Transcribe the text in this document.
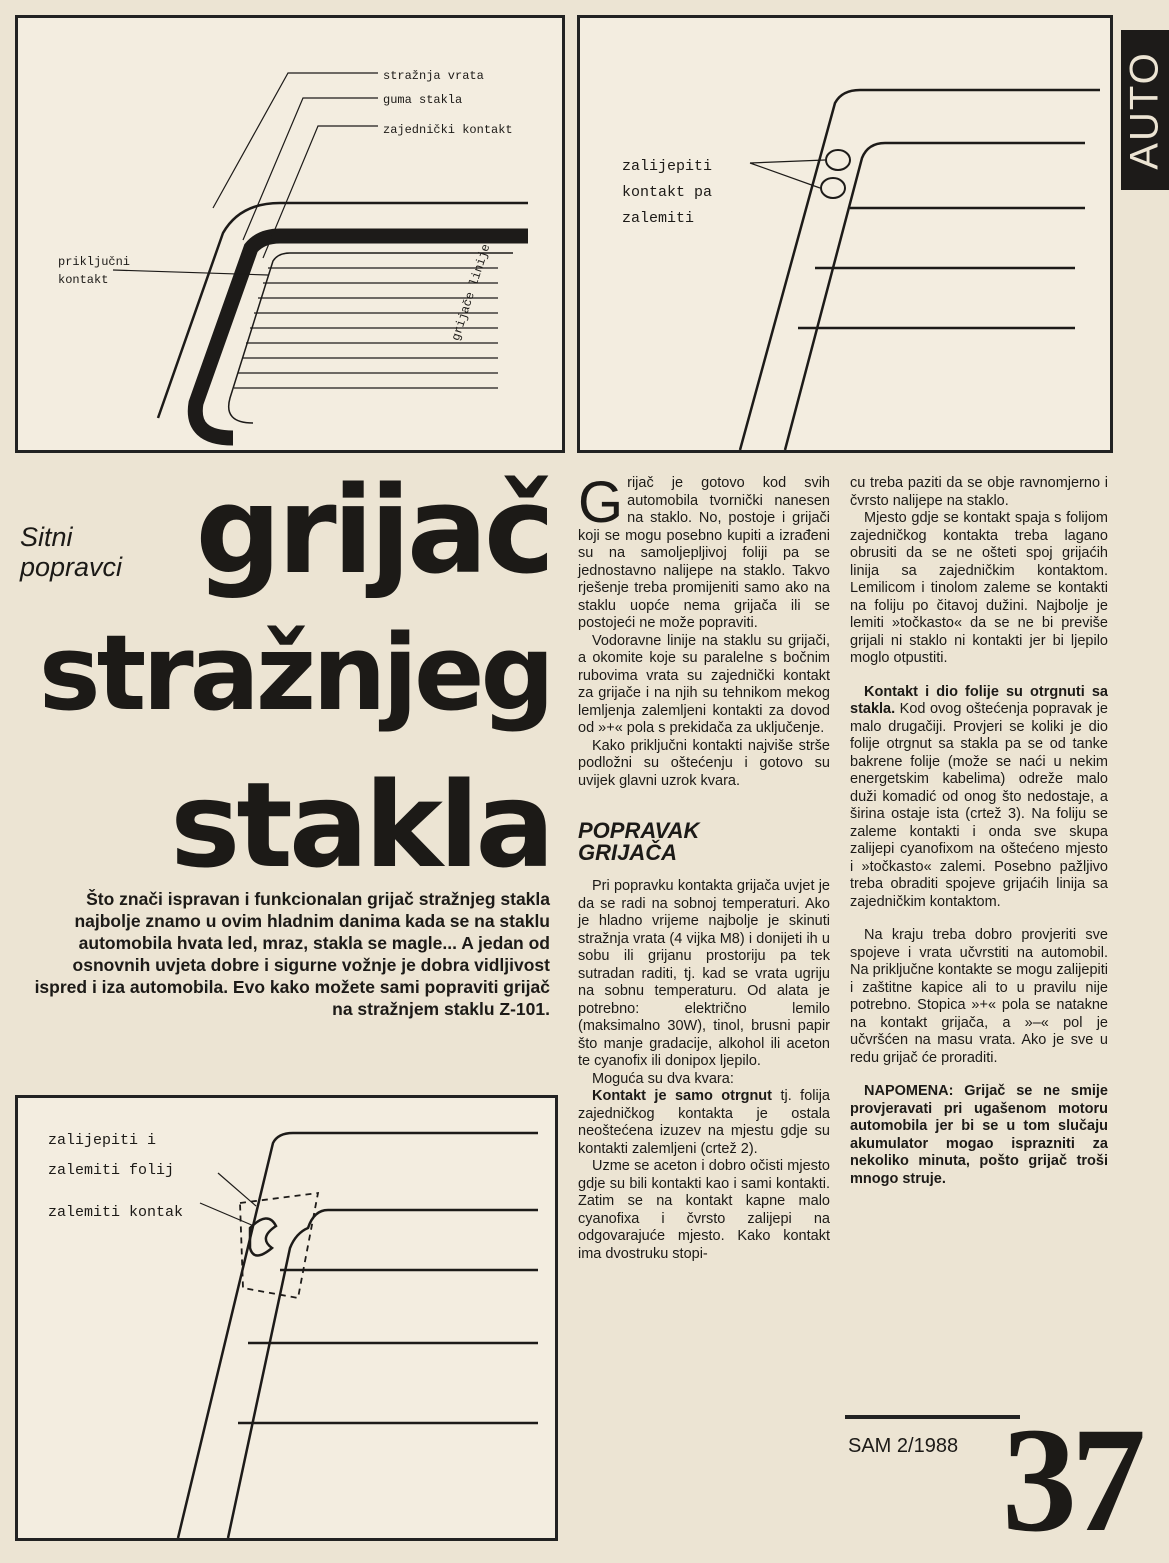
AUTO
stražnja vrata
guma stakla
zajednički kontakt
priključni
kontakt	grijače linije
zalijepiti
kontakt pa
zalemiti
zalijepiti i
zalemiti folij
zalemiti kontak
Sitni
popravci grijač
stražnjeg
stakla
Što znači ispravan i funkcionalan grijač stražnjeg stakla najbolje znamo u ovim hladnim danima kada se na staklu automobila hvata led, mraz, stakla se magle... A jedan od osnovnih uvjeta dobre i sigurne vožnje je dobra vidljivost ispred i iza automobila. Evo kako možete sami popraviti grijač na stražnjem staklu Z-101.

Grijač je gotovo kod svih automobila tvornički nanesen na staklo. No, postoje i grijači koji se mogu posebno kupiti a izrađeni su na samoljepljivoj foliji pa se jednostavno nalijepe na staklo. Takvo rješenje treba promijeniti samo ako na staklu uopće nema grijača ili se postojeći ne može popraviti.

Vodoravne linije na staklu su grijači, a okomite koje su paralelne s bočnim rubovima vrata su zajednički kontakt za grijače i na njih su tehnikom mekog lemljenja zalemljeni kontakti za dovod od »+« pola s prekidača za uključenje.

Kako priključni kontakti najviše strše podložni su oštećenju i gotovo su uvijek glavni uzrok kvara.

POPRAVAK
GRIJAČA

Pri popravku kontakta grijača uvjet je da se radi na sobnoj temperaturi. Ako je hladno vrijeme najbolje je skinuti stražnja vrata (4 vijka M8) i donijeti ih u sobu ili grijanu prostoriju pa tek sutradan raditi, tj. kad se vrata ugriju na sobnu temperaturu. Od alata je potrebno: električno lemilo (maksimalno 30W), tinol, brusni papir što manje gradacije, alkohol ili aceton te cyanofix ili donipox ljepilo.

Moguća su dva kvara:

Kontakt je samo otrgnut tj. folija zajedničkog kontakta je ostala neoštećena izuzev na mjestu gdje su kontakti zalemljeni (crtež 2).

Uzme se aceton i dobro očisti mjesto gdje su bili kontakti kao i sami kontakti. Zatim se na kontakt kapne malo cyanofixa i čvrsto zalijepi na odgovarajuće mjesto. Kako kontakt ima dvostruku stopi-

cu treba paziti da se obje ravnomjerno i čvrsto nalijepe na staklo.

Mjesto gdje se kontakt spaja s folijom zajedničkog kontakta treba lagano obrusiti da se ne ošteti spoj grijaćih linija sa zajedničkim kontaktom. Lemilicom i tinolom zaleme se kontakti na foliju po čitavoj dužini. Najbolje je lemiti »točkasto« da se ne bi previše grijali ni staklo ni kontakti jer bi ljepilo moglo otpustiti.

Kontakt i dio folije su otrgnuti sa stakla. Kod ovog oštećenja popravak je malo drugačiji. Provjeri se koliki je dio folije otrgnut sa stakla pa se od tanke bakrene folije (može se naći u nekim energetskim kabelima) odreže malo duži komadić od onog što nedostaje, a širina ostaje ista (crtež 3). Na foliju se zaleme kontakti i onda sve skupa zalijepi cyanofixom na oštećeno mjesto i »točkasto« zalemi. Posebno pažljivo treba obraditi spojeve grijaćih linija sa zajedničkim kontaktom.

Na kraju treba dobro provjeriti sve spojeve i vrata učvrstiti na automobil. Na priključne kontakte se mogu zalijepiti i zaštitne kapice ali to u pravilu nije potrebno. Stopica »+« pola se natakne na kontakt grijača, a »–« pol je učvršćen na masu vrata. Ako je sve u redu grijač će proraditi.

NAPOMENA: Grijač se ne smije provjeravati pri ugašenom motoru automobila jer bi se u tom slučaju akumulator mogao isprazniti za nekoliko minuta, pošto grijač troši mnogo struje.

SAM 2/1988 37
